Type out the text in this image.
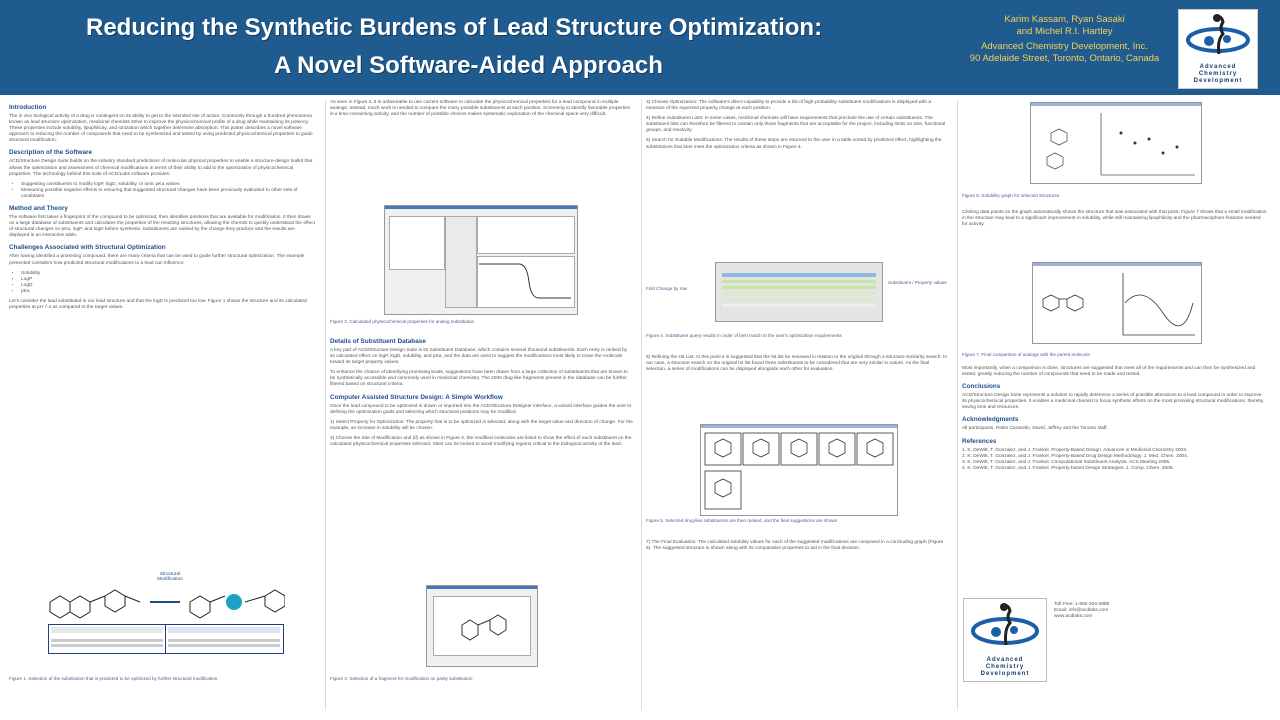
Reducing the Synthetic Burdens of Lead Structure Optimization:
A Novel Software-Aided Approach
Karim Kassam, Ryan Sasaki
and Michel R.I. Hartley
Advanced Chemistry Development, Inc.
90 Adelaide Street, Toronto, Ontario, Canada
Advanced
Chemistry
Development
Introduction

The in vivo biological activity of a drug is contingent on its ability to get to the intended site of action. Commonly through a hundred phenomena known as lead structure optimization, medicinal chemists strive to improve the physicochemical profile of a drug while maintaining its potency. These properties include solubility, lipophilicity, and ionization which together determine absorption. This poster describes a novel software approach to reducing the number of compounds that need to be synthesized and tested by using predicted physicochemical properties to guide structural modification.

Description of the Software

ACD/Structure Design Suite builds on the industry standard predictions of molecular physical properties to enable a structure-design toolkit that allows the optimization and assessment of chemical modifications in terms of their ability to add to the optimization of physicochemical properties. The technology behind this suite of ACD/Labs software provides:

• Suggesting constituents to modify logP, logD, solubility, or ionic pKa values
• Measuring possible negative effects to ensuring that suggested structural changes have been previously evaluated to other sets of candidates
Method and Theory

The software first takes a fingerprint of the compound to be optimized, then identifies positions that are available for modification. It then draws on a large database of substituents and calculates the properties of the resulting structures, allowing the chemist to quickly understand the effect of structural changes on pKa, logP, and logD before synthesis. Substituents are ranked by the change they produce and the results are displayed in an interactive table.

Challenges Associated with Structural Optimization

After having identified a promising compound, there are many criteria that can be used to guide further structural optimization. The example presented considers how predicted structural modifications to a lead can influence:

• Solubility
• LogP
• LogD
• pKa

Let's consider the lead substituted in our lead structure and that the logD is predicted too low. Figure 1 shows the structure and its calculated properties at pH 7.4 as compared to the target values.

Structural Modification
Figure 1. Selection of the substitution that is predicted to be optimized by further structural modification.

As seen in Figure 2, it is unfavorable to use current software to calculate the physicochemical properties for a lead compound in multiple analogs. Instead, much work is needed to compare the many possible substituents at each position. Screening to identify favorable properties is a time-consuming activity, and the number of possible choices makes systematic exploration of the chemical space very difficult.

Figure 2. Calculated physicochemical properties for analog substitution
Details of Substituent Database

A key part of ACD/Structure Design Suite is its Substituent Database, which contains several thousand substituents. Each entry is ranked by its calculated effect on logP, logD, solubility, and pKa, and the data are used to suggest the modifications most likely to move the molecule toward its target property values.

To enhance the chance of identifying promising leads, suggestions have been drawn from a large collection of substituents that are known to be synthetically accessible and commonly used in medicinal chemistry. The 2000 drug-like fragments present in the database can be further filtered based on structural criteria.

Computer Assisted Structure Design: A Simple Workflow

Once the lead compound to be optimized is drawn or imported into the ACD/Structure Designer interface, a wizard interface guides the user to defining the optimization goals and selecting which structural positions may be modified.

1) Select Property for Optimization: The property that is to be optimized is selected, along with the target value and direction of change. For the example, an increase in solubility will be chosen.

2) Choose the Site of Modification and (if) as shown in Figure 3, the modified molecules are listed to show the effect of each substituent on the calculated physicochemical properties selected. Sites can be locked to avoid modifying regions critical to the biological activity of the lead.

Figure 3. Selection of a fragment for modification on parity substitution

3) Choose Optimization: The software's direct capability to provide a list of high-probability substituent modifications is displayed with a measure of the expected property change at each position.

4) Refine Substituent Lists: In some cases, medicinal chemists will have requirements that preclude the use of certain substituents. The substituent lists can therefore be filtered to contain only those fragments that are acceptable for the project, including limits on size, functional groups, and reactivity.

5) Search for Suitable Modifications: The results of these steps are returned to the user in a table sorted by predicted effect, highlighting the substitutions that best meet the optimization criteria as shown in Figure 4.

Fold Change by row
Substituent / Property values
Figure 4. Substituent query results in order of best match to the user's optimization requirements

6) Refining the Hit List: At this point it is suggested that the hit list be reviewed in relation to the original through a structure similarity search. In our case, a structure search on the original hit list found three substituents to be considered that are very similar in nature. As the final selection, a series of modifications can be displayed alongside each other for evaluation.

Figure 5. Selected drug-like substituents are then ranked, and the final suggestions are shown

7) The Final Evaluation: The calculated solubility values for each of the suggested modifications are compared in a concluding graph (Figure 6). The suggested structure is shown along with its comparative properties to aid in the final decision.

Figure 6. Solubility graph for selected structures

Clicking data points on the graph automatically shows the structure that was associated with that point. Figure 7 shows that a small modification in the structure may lead to a significant improvement in solubility, while still maintaining lipophilicity and the pharmacophore features needed for activity.

Figure 7. Final comparison of analogs with the parent molecule

Most importantly, when a comparison is done, structures are suggested that meet all of the requirements and can then be synthesized and tested, greatly reducing the number of compounds that need to be made and tested.

Conclusions

ACD/Structure Design Suite represents a solution to rapidly determine a series of possible alterations to a lead compound in order to improve its physicochemical properties. It enables a medicinal chemist to focus synthetic efforts on the most promising structural modifications, thereby saving time and resources.

Acknowledgments

All participants, Pablo Caravello, David, Jeffrey and the Toronto staff.

References
1. K. DeWitt, T. Gonzalez, and J. Frankel. Property-Based Design. Advances in Medicinal Chemistry 2003.
2. K. DeWitt, T. Gonzalez, and J. Frankel. Property-Based Drug Design Methodology. J. Med. Chem. 2004.
3. K. DeWitt, T. Gonzalez, and J. Frankel. Computational Substituent Analysis. ACS Meeting 2005.
4. K. DeWitt, T. Gonzalez, and J. Frankel. Property-based Design Strategies. J. Comp. Chem. 2006.
Advanced
Chemistry
Development
Toll Free: 1-800-304-3988
Email: info@acdlabs.com
www.acdlabs.com
